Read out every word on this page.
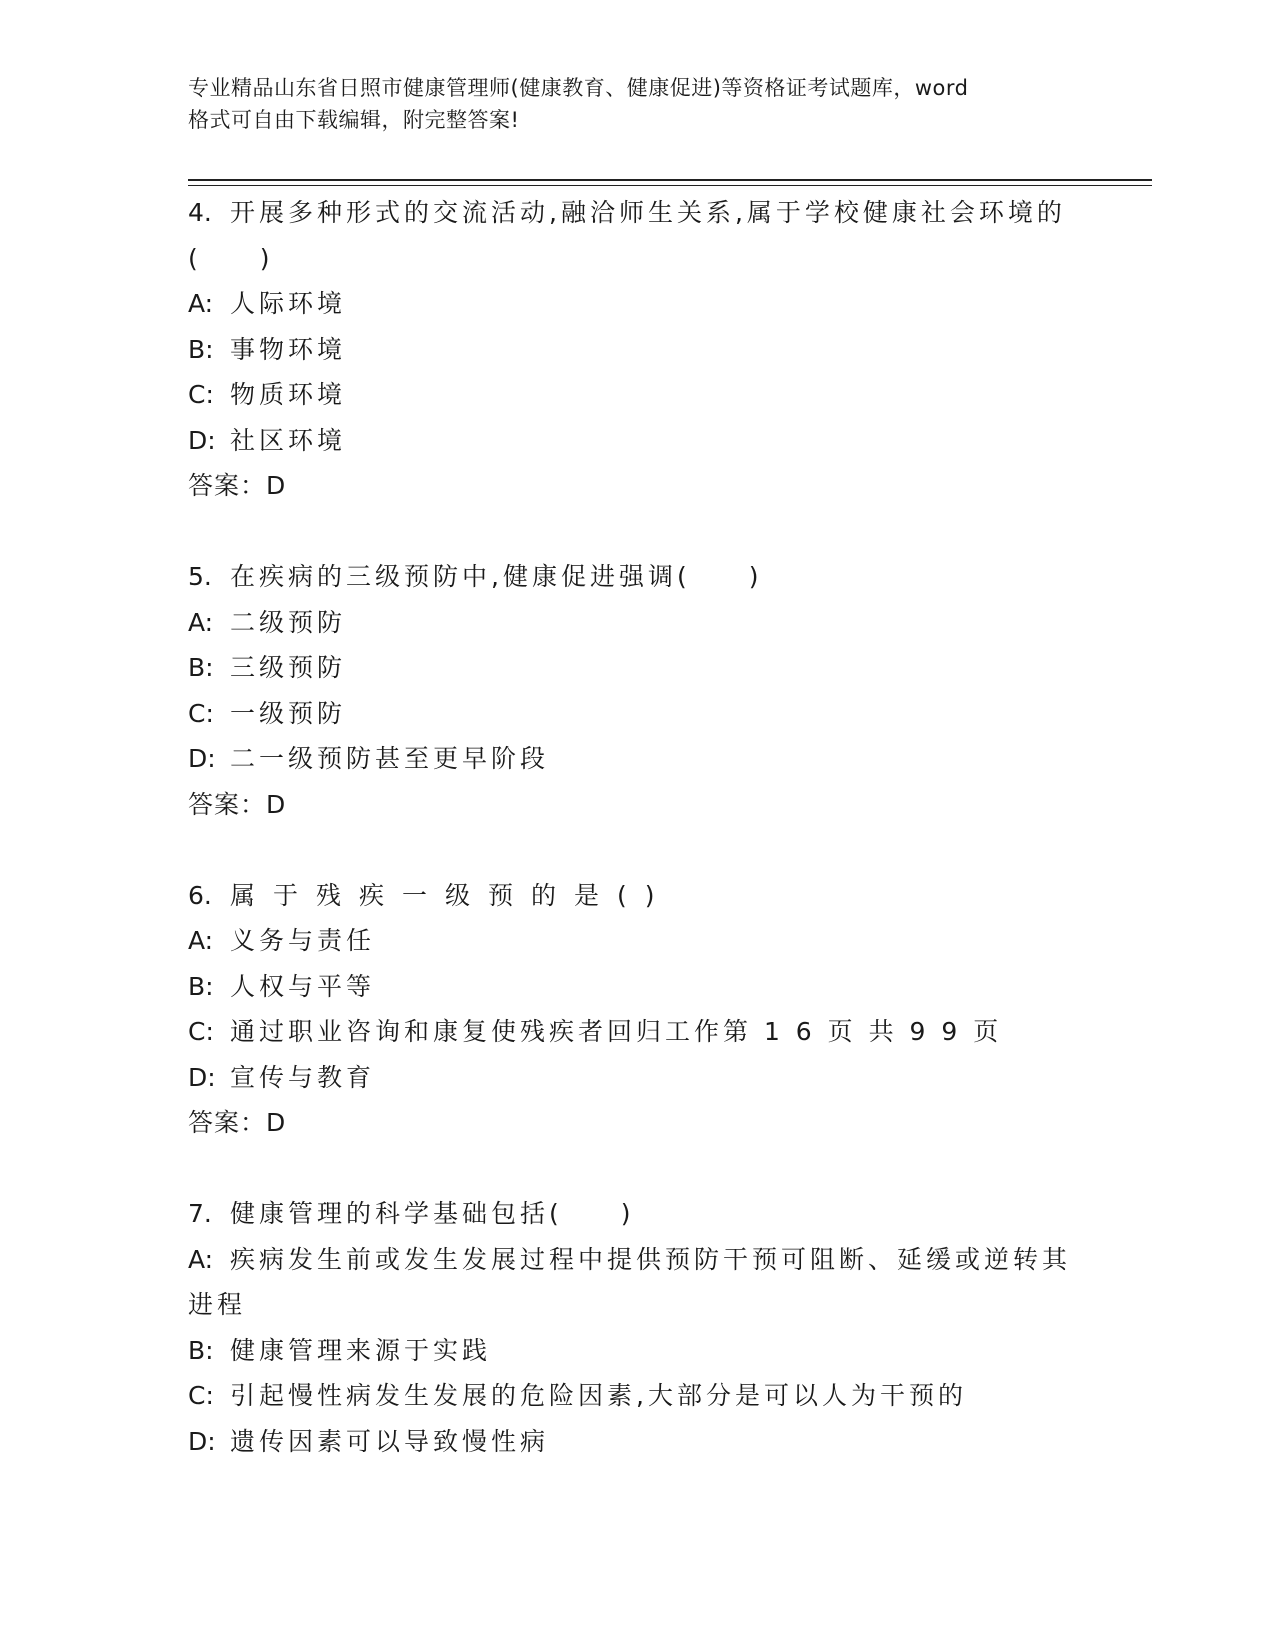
专业精品山东省日照市健康管理师(健康教育、健康促进)等资格证考试题库，word
格式可自由下载编辑，附完整答案!
4. 开展多种形式的交流活动,融洽师生关系,属于学校健康社会环境的
(　　)
A: 人际环境
B: 事物环境
C: 物质环境
D: 社区环境
答案：D
5. 在疾病的三级预防中,健康促进强调(　　)
A: 二级预防
B: 三级预防
C: 一级预防
D: 二一级预防甚至更早阶段
答案：D
6. 属于残疾一级预的是()
A: 义务与责任
B: 人权与平等
C: 通过职业咨询和康复使残疾者回归工作第 1 6 页 共 9 9 页
D: 宣传与教育
答案：D
7. 健康管理的科学基础包括(　　)
A: 疾病发生前或发生发展过程中提供预防干预可阻断、延缓或逆转其
进程
B: 健康管理来源于实践
C: 引起慢性病发生发展的危险因素,大部分是可以人为干预的
D: 遗传因素可以导致慢性病
